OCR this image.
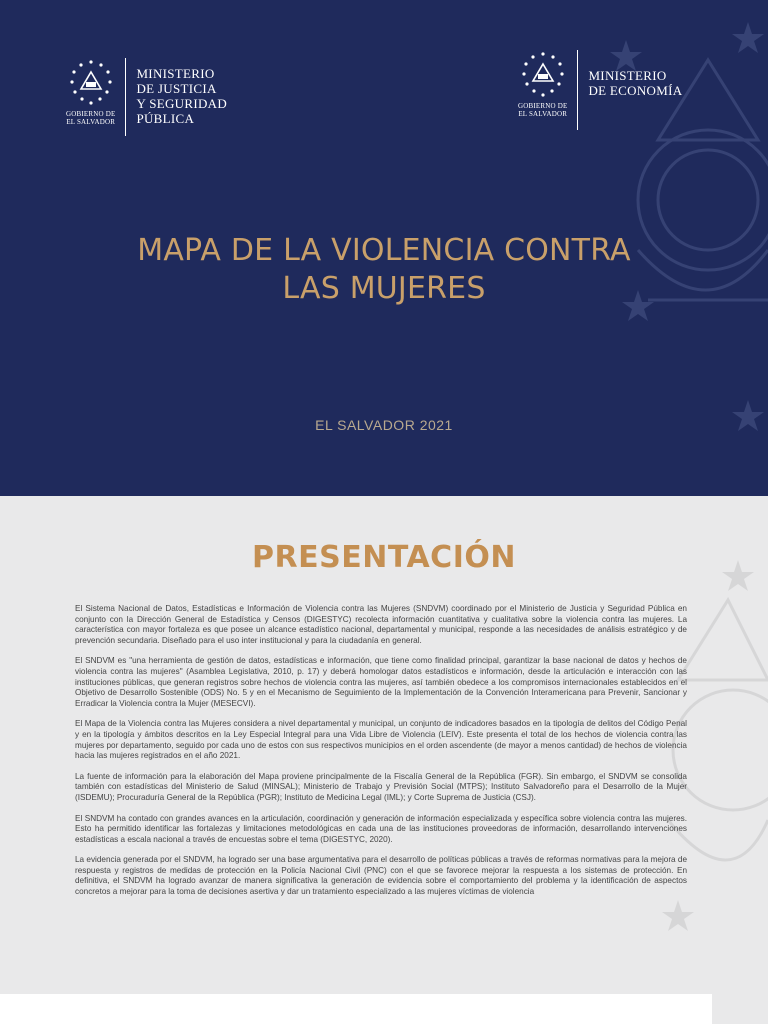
GOBIERNO DE
EL SALVADOR
MINISTERIO
DE JUSTICIA
Y SEGURIDAD
PÚBLICA
GOBIERNO DE
EL SALVADOR
MINISTERIO
DE ECONOMÍA
MAPA DE LA VIOLENCIA CONTRA
LAS MUJERES
EL SALVADOR 2021
PRESENTACIÓN

El Sistema Nacional de Datos, Estadísticas e Información de Violencia contra las Mujeres (SNDVM) coordinado por el Ministerio de Justicia y Seguridad Pública en conjunto con la Dirección General de Estadística y Censos (DIGESTYC) recolecta información cuantitativa y cualitativa sobre la violencia contra las mujeres. La característica con mayor fortaleza es que posee un alcance estadístico nacional, departamental y municipal, responde a las necesidades de análisis estratégico y de prevención secundaria. Diseñado para el uso inter institucional y para la ciudadanía en general.

El SNDVM es "una herramienta de gestión de datos, estadísticas e información, que tiene como finalidad principal, garantizar la base nacional de datos y hechos de violencia contra las mujeres" (Asamblea Legislativa, 2010, p. 17) y deberá homologar datos estadísticos e información, desde la articulación e interacción con las instituciones públicas, que generan registros sobre hechos de violencia contra las mujeres, así también obedece a los compromisos internacionales establecidos en el Objetivo de Desarrollo Sostenible (ODS) No. 5 y en el Mecanismo de Seguimiento de la Implementación de la Convención Interamericana para Prevenir, Sancionar y Erradicar la Violencia contra la Mujer (MESECVI).

El Mapa de la Violencia contra las Mujeres considera a nivel departamental y municipal, un conjunto de indicadores basados en la tipología de delitos del Código Penal y en la tipología y ámbitos descritos en la Ley Especial Integral para una Vida Libre de Violencia (LEIV). Este presenta el total de los hechos de violencia contra las mujeres por departamento, seguido por cada uno de estos con sus respectivos municipios en el orden ascendente (de mayor a menos cantidad) de hechos de violencia hacia las mujeres registrados en el año 2021.

La fuente de información para la elaboración del Mapa proviene principalmente de la Fiscalía General de la República (FGR). Sin embargo, el SNDVM se consolida también con estadísticas del Ministerio de Salud (MINSAL); Ministerio de Trabajo y Previsión Social (MTPS); Instituto Salvadoreño para el Desarrollo de la Mujer (ISDEMU); Procuraduría General de la República (PGR); Instituto de Medicina Legal (IML); y Corte Suprema de Justicia (CSJ).

El SNDVM ha contado con grandes avances en la articulación, coordinación y generación de información especializada y específica sobre violencia contra las mujeres. Esto ha permitido identificar las fortalezas y limitaciones metodológicas en cada una de las instituciones proveedoras de información, desarrollando intervenciones estadísticas a escala nacional a través de encuestas sobre el tema (DIGESTYC, 2020).

La evidencia generada por el SNDVM, ha logrado ser una base argumentativa para el desarrollo de políticas públicas a través de reformas normativas para la mejora de respuesta y registros de medidas de protección en la Policía Nacional Civil (PNC) con el que se favorece mejorar la respuesta a los sistemas de protección. En definitiva, el SNDVM ha logrado avanzar de manera significativa la generación de evidencia sobre el comportamiento del problema y la identificación de aspectos concretos a mejorar para la toma de decisiones asertiva y dar un tratamiento especializado a las mujeres víctimas de violencia
